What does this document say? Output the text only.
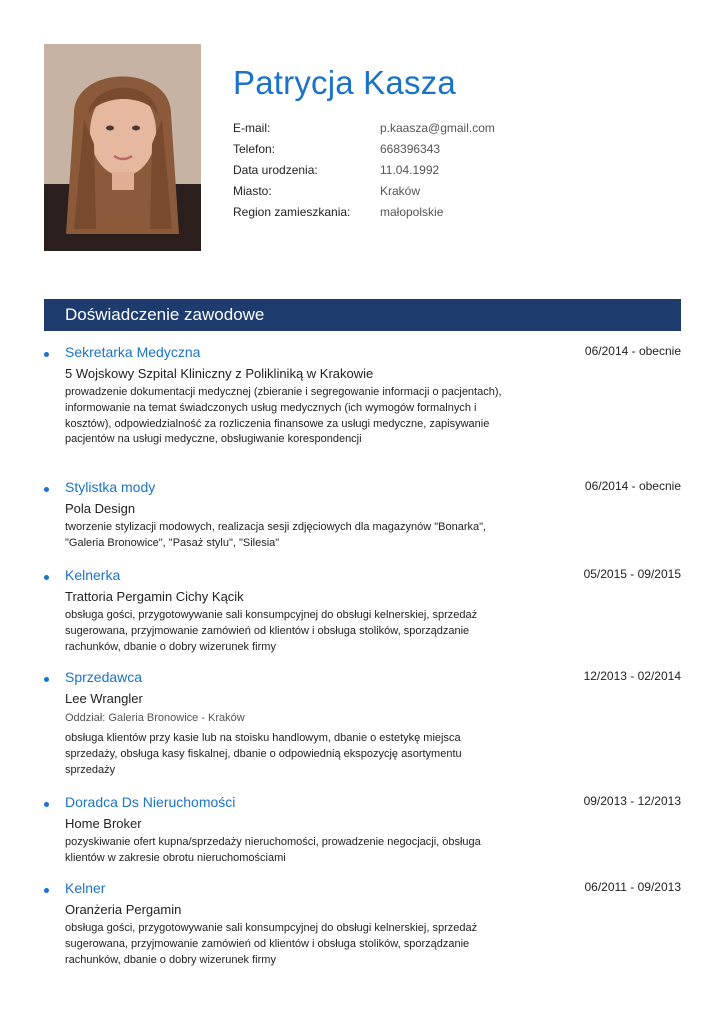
Patrycja Kasza
E-mail:	p.kaasza@gmail.com
Telefon:	668396343
Data urodzenia:	11.04.1992
Miasto:	Kraków
Region zamieszkania:	małopolskie
Doświadczenie zawodowe
Sekretarka Medyczna	06/2014 - obecnie
5 Wojskowy Szpital Kliniczny z Polikliniką w Krakowie
prowadzenie dokumentacji medycznej (zbieranie i segregowanie informacji o pacjentach), informowanie na temat świadczonych usług medycznych (ich wymogów formalnych i kosztów), odpowiedzialność za rozliczenia finansowe za usługi medyczne, zapisywanie pacjentów na usługi medyczne, obsługiwanie korespondencji
Stylistka mody	06/2014 - obecnie
Pola Design
tworzenie stylizacji modowych, realizacja sesji zdjęciowych dla magazynów "Bonarka", "Galeria Bronowice", "Pasaż stylu", "Silesia"
Kelnerka	05/2015 - 09/2015
Trattoria Pergamin Cichy Kącik
obsługa gości, przygotowywanie sali konsumpcyjnej do obsługi kelnerskiej, sprzedaż sugerowana, przyjmowanie zamówień od klientów i obsługa stolików, sporządzanie rachunków, dbanie o dobry wizerunek firmy
Sprzedawca	12/2013 - 02/2014
Lee Wrangler
Oddział: Galeria Bronowice - Kraków
obsługa klientów przy kasie lub na stoisku handlowym, dbanie o estetykę miejsca sprzedaży, obsługa kasy fiskalnej, dbanie o odpowiednią ekspozycję asortymentu sprzedaży
Doradca Ds Nieruchomości	09/2013 - 12/2013
Home Broker
pozyskiwanie ofert kupna/sprzedaży nieruchomości, prowadzenie negocjacji, obsługa klientów w zakresie obrotu nieruchomościami
Kelner	06/2011 - 09/2013
Oranżeria Pergamin
obsługa gości, przygotowywanie sali konsumpcyjnej do obsługi kelnerskiej, sprzedaż sugerowana, przyjmowanie zamówień od klientów i obsługa stolików, sporządzanie rachunków, dbanie o dobry wizerunek firmy
